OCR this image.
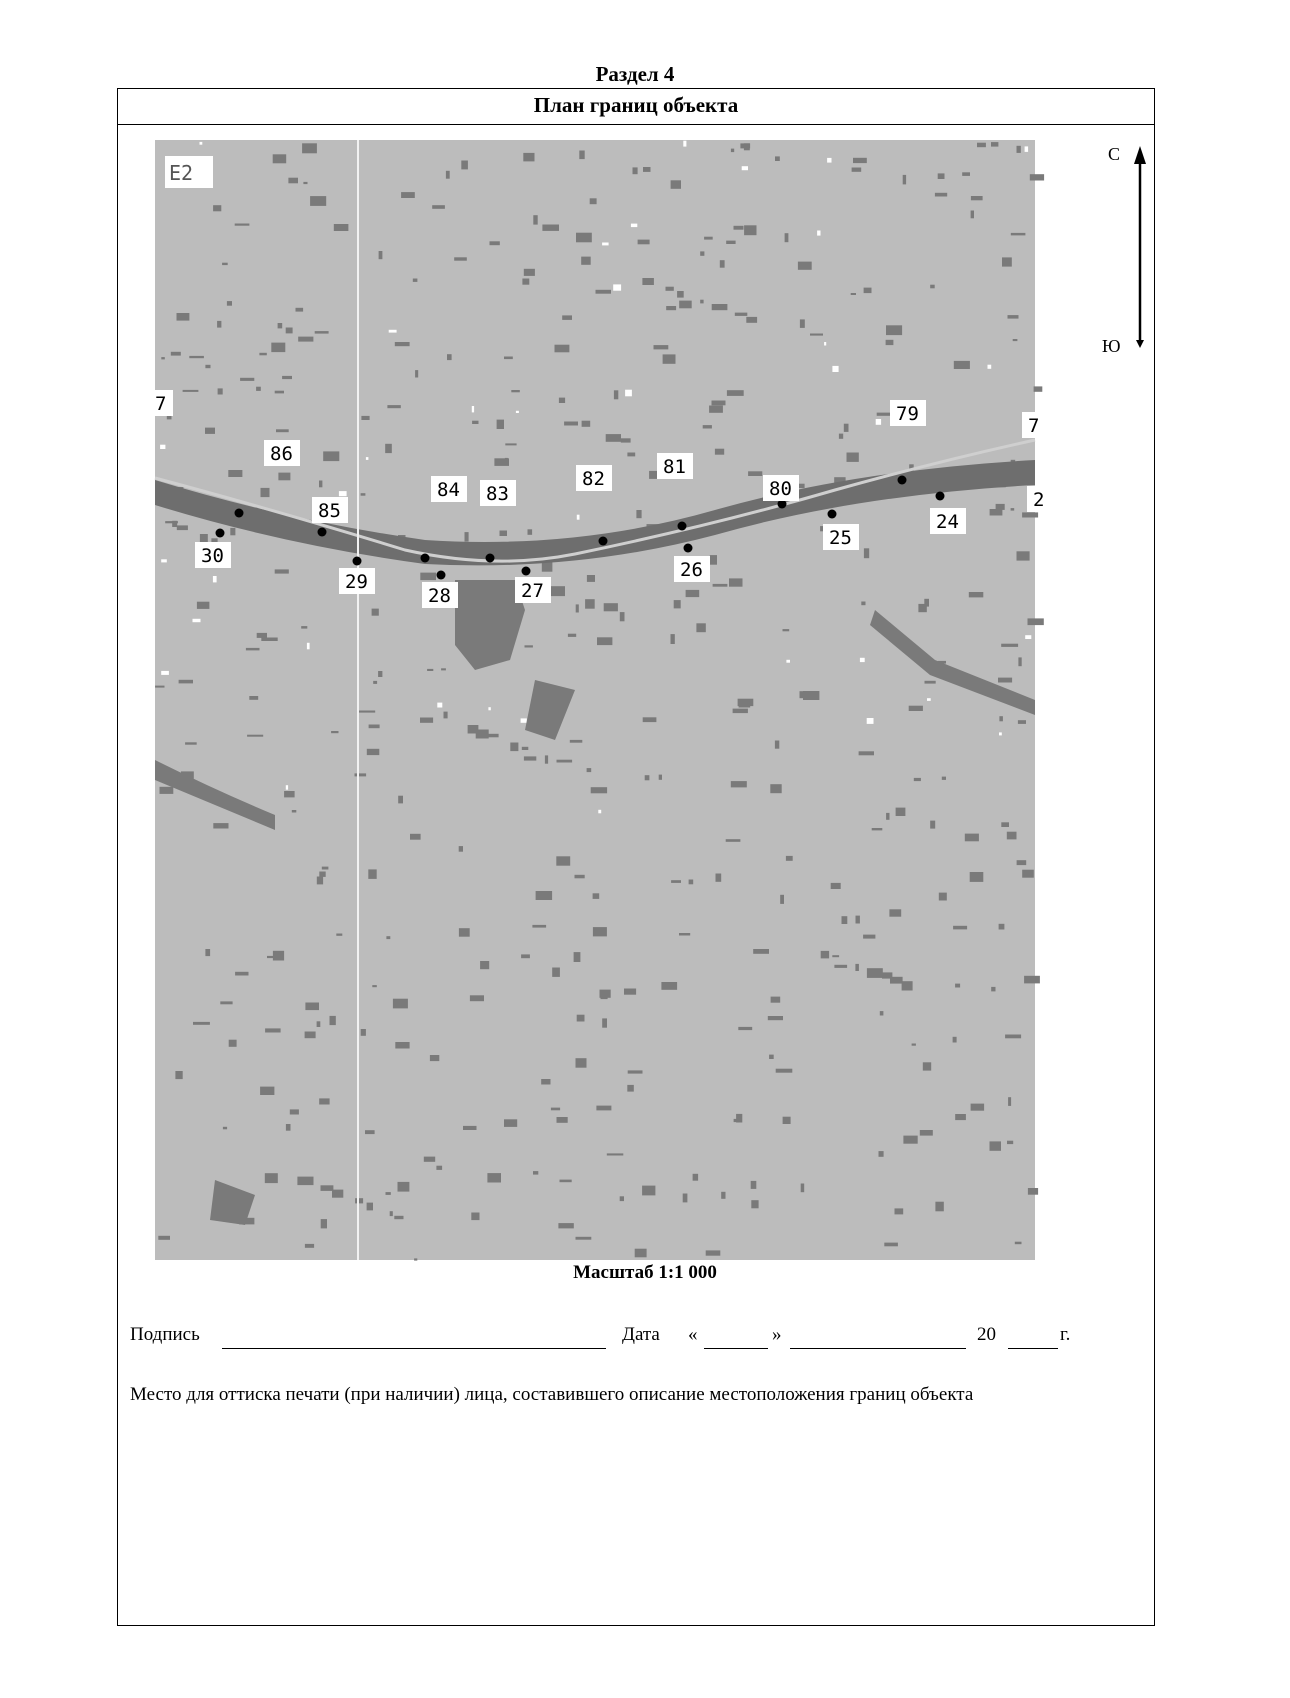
Раздел 4
План границ объекта
Е2
7
86
85
30
84 83
29
28	27
82
81
26
80
25
79
24
7
2
С
Ю
Масштаб 1:1 000
Подпись	Дата «	»	20	г.
Место для оттиска печати (при наличии) лица, составившего описание местоположения границ объекта
